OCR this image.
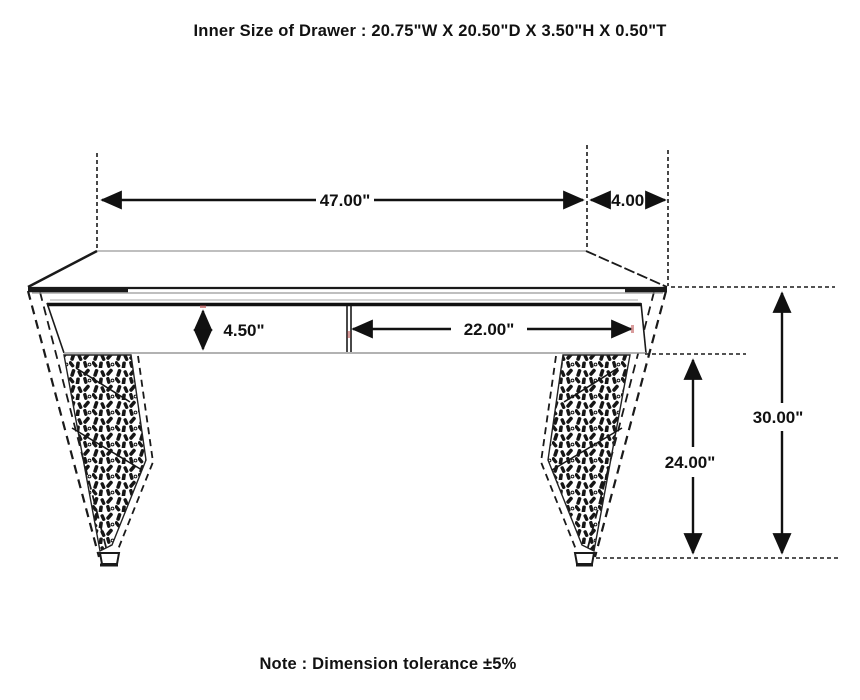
47.00"	14.00"
4.50"	22.00"
24.00"
30.00"
Inner Size of Drawer : 20.75"W X 20.50"D X 3.50"H X 0.50"T
Note : Dimension tolerance ±5%
